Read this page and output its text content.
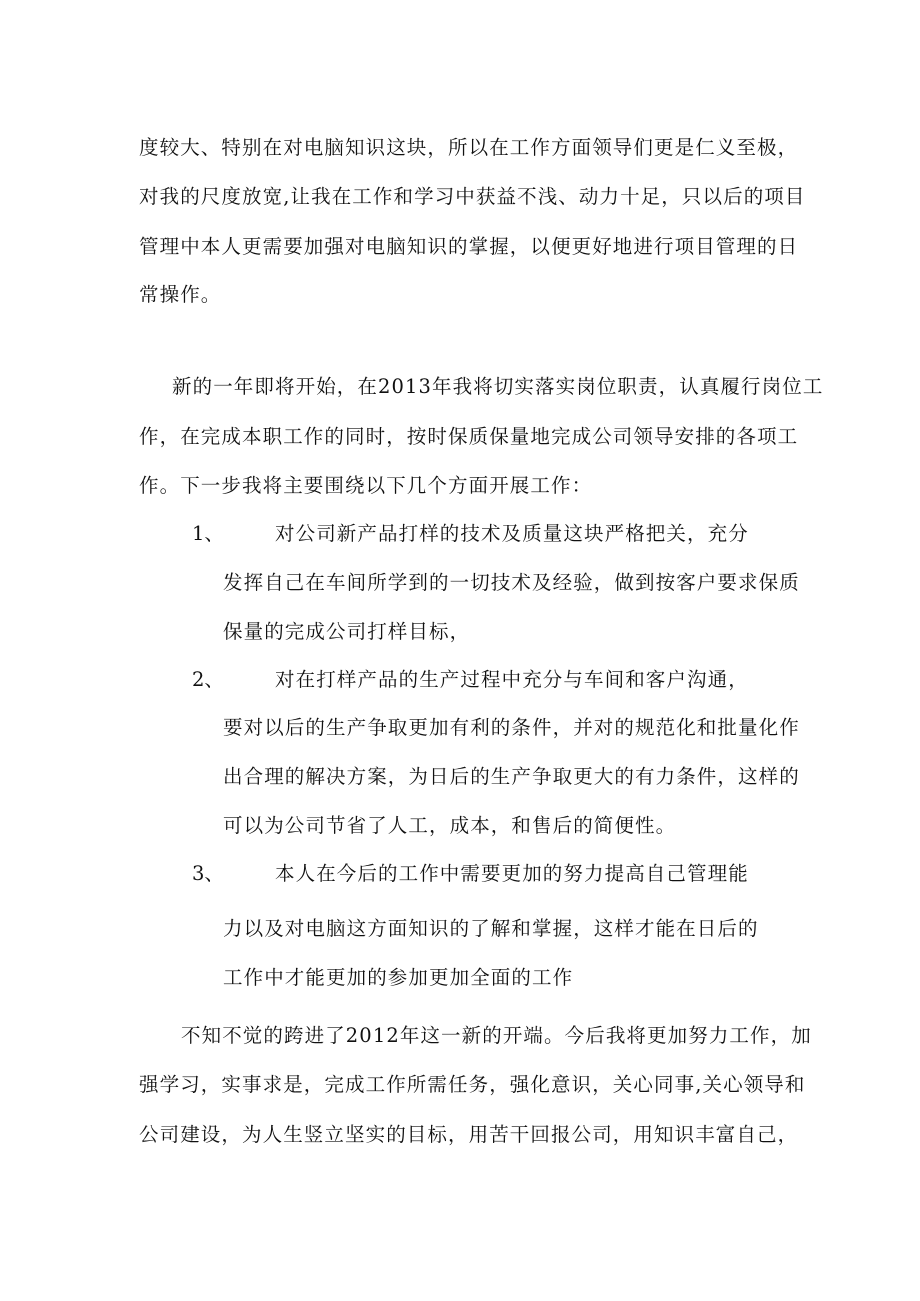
度较大、特别在对电脑知识这块，所以在工作方面领导们更是仁义至极，
对我的尺度放宽,让我在工作和学习中获益不浅、动力十足，只以后的项目
管理中本人更需要加强对电脑知识的掌握，以便更好地进行项目管理的日
常操作。
新的一年即将开始，在2013年我将切实落实岗位职责，认真履行岗位工
作，在完成本职工作的同时，按时保质保量地完成公司领导安排的各项工
作。下一步我将主要围绕以下几个方面开展工作：
1、	对公司新产品打样的技术及质量这块严格把关，充分
发挥自己在车间所学到的一切技术及经验，做到按客户要求保质
保量的完成公司打样目标，
2、	对在打样产品的生产过程中充分与车间和客户沟通，
要对以后的生产争取更加有利的条件，并对的规范化和批量化作
出合理的解决方案，为日后的生产争取更大的有力条件，这样的
可以为公司节省了人工，成本，和售后的简便性。
3、	本人在今后的工作中需要更加的努力提高自己管理能
力以及对电脑这方面知识的了解和掌握，这样才能在日后的
工作中才能更加的参加更加全面的工作
不知不觉的跨进了2012年这一新的开端。今后我将更加努力工作，加
强学习，实事求是，完成工作所需任务，强化意识，关心同事,关心领导和
公司建设，为人生竖立坚实的目标，用苦干回报公司，用知识丰富自己，
